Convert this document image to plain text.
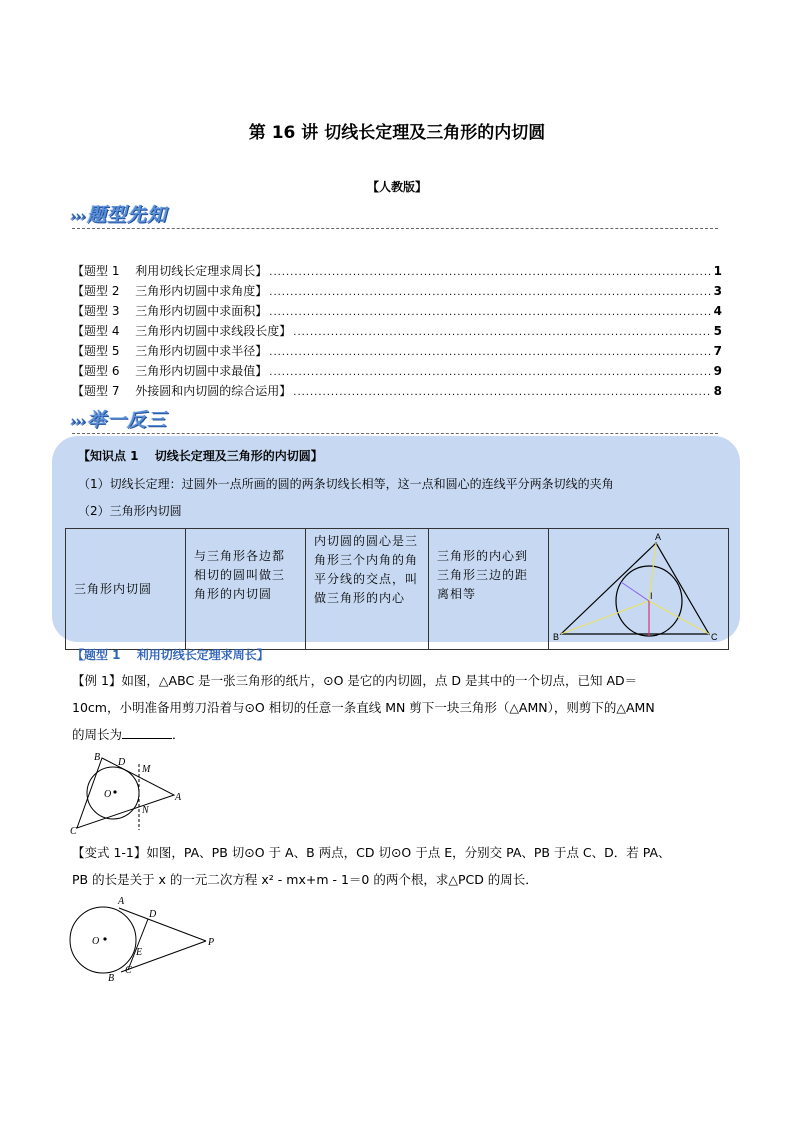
第 16 讲 切线长定理及三角形的内切圆
【人教版】
››› 题型先知
【题型 1 　利用切线长定理求周长】 .....	1
【题型 2 　三角形内切圆中求角度】 .....	3
【题型 3 　三角形内切圆中求面积】 .....	4
【题型 4 　三角形内切圆中求线段长度】 .....	5
【题型 5 　三角形内切圆中求半径】 .....	7
【题型 6 　三角形内切圆中求最值】 .....	9
【题型 7 　外接圆和内切圆的综合运用】 .....	8
››› 举一反三
【知识点 1 　切线长定理及三角形的内切圆】
（1）切线长定理：过圆外一点所画的圆的两条切线长相等，这一点和圆心的连线平分两条切线的夹角
（2）三角形内切圆
三角形内切圆	与三角形各边都相切的圆叫做三角形的内切圆	内切圆的圆心是三角形三个内角的角平分线的交点，叫做三角形的内心	三角形的内心到三角形三边的距离相等	
A
B	C
I
【题型 1　 利用切线长定理求周长】
【例 1】如图，△ABC 是一张三角形的纸片，⊙O 是它的内切圆，点 D 是其中的一个切点，已知 AD＝
10cm，小明准备用剪刀沿着与⊙O 相切的任意一条直线 MN 剪下一块三角形（△AMN），则剪下的△AMN
的周长为	．
B D
M
O
N
A
C
【变式 1-1】如图，PA、PB 切⊙O 于 A、B 两点，CD 切⊙O 于点 E，分别交 PA、PB 于点 C、D．若 PA、
PB 的长是关于 x 的一元二次方程 x² - mx+m - 1＝0 的两个根，求△PCD 的周长．
A
D
O
E
P
B
C
